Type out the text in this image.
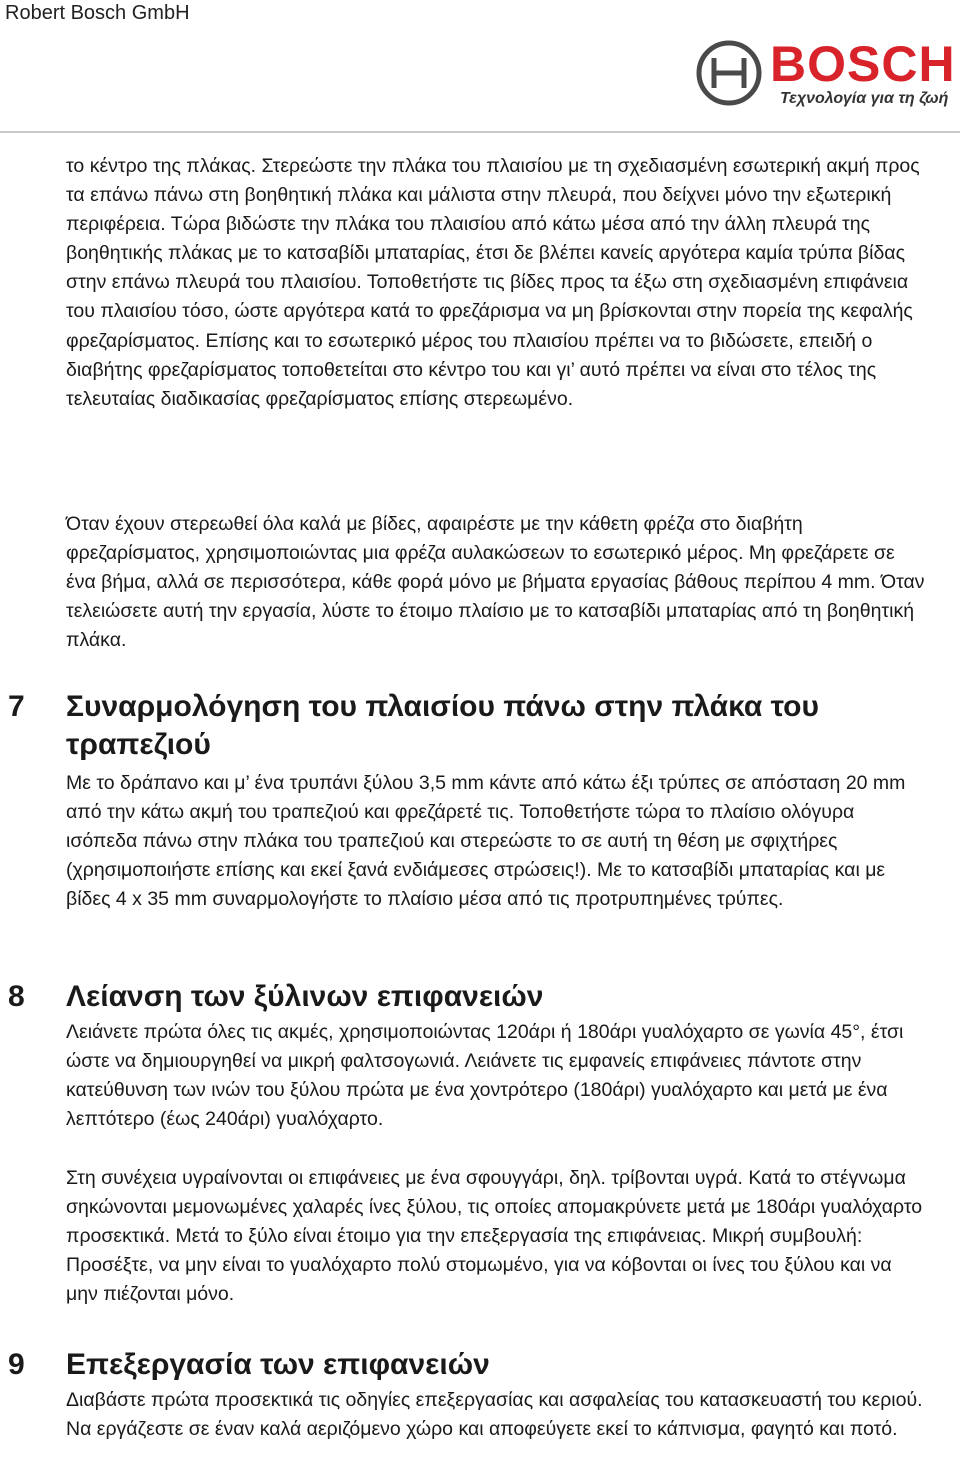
Robert Bosch GmbH
BOSCH
Τεχνολογία για τη ζωή

το κέντρο της πλάκας. Στερεώστε την πλάκα του πλαισίου με τη σχεδιασμένη εσωτερική ακμή προς τα επάνω πάνω στη βοηθητική πλάκα και μάλιστα στην πλευρά, που δείχνει μόνο την εξωτερική περιφέρεια. Τώρα βιδώστε την πλάκα του πλαισίου από κάτω μέσα από την άλλη πλευρά της βοηθητικής πλάκας με το κατσαβίδι μπαταρίας, έτσι δε βλέπει κανείς αργότερα καμία τρύπα βίδας στην επάνω πλευρά του πλαισίου. Τοποθετήστε τις βίδες προς τα έξω στη σχεδιασμένη επιφάνεια του πλαισίου τόσο, ώστε αργότερα κατά το φρεζάρισμα να μη βρίσκονται στην πορεία της κεφαλής φρεζαρίσματος. Επίσης και το εσωτερικό μέρος του πλαισίου πρέπει να το βιδώσετε, επειδή ο διαβήτης φρεζαρίσματος τοποθετείται στο κέντρο του και γι’ αυτό πρέπει να είναι στο τέλος της τελευταίας διαδικασίας φρεζαρίσματος επίσης στερεωμένο.

Όταν έχουν στερεωθεί όλα καλά με βίδες, αφαιρέστε με την κάθετη φρέζα στο διαβήτη φρεζαρίσματος, χρησιμοποιώντας μια φρέζα αυλακώσεων το εσωτερικό μέρος. Μη φρεζάρετε σε ένα βήμα, αλλά σε περισσότερα, κάθε φορά μόνο με βήματα εργασίας βάθους περίπου 4 mm. Όταν τελειώσετε αυτή την εργασία, λύστε το έτοιμο πλαίσιο με το κατσαβίδι μπαταρίας από τη βοηθητική πλάκα.

7 Συναρμολόγηση του πλαισίου πάνω στην πλάκα του τραπεζιού

Με το δράπανο και μ’ ένα τρυπάνι ξύλου 3,5 mm κάντε από κάτω έξι τρύπες σε απόσταση 20 mm από την κάτω ακμή του τραπεζιού και φρεζάρετέ τις. Τοποθετήστε τώρα το πλαίσιο ολόγυρα ισόπεδα πάνω στην πλάκα του τραπεζιού και στερεώστε το σε αυτή τη θέση με σφιχτήρες (χρησιμοποιήστε επίσης και εκεί ξανά ενδιάμεσες στρώσεις!). Με το κατσαβίδι μπαταρίας και με βίδες 4 x 35 mm συναρμολογήστε το πλαίσιο μέσα από τις προτρυπημένες τρύπες.

8 Λείανση των ξύλινων επιφανειών

Λειάνετε πρώτα όλες τις ακμές, χρησιμοποιώντας 120άρι ή 180άρι γυαλόχαρτο σε γωνία 45°, έτσι ώστε να δημιουργηθεί να μικρή φαλτσογωνιά. Λειάνετε τις εμφανείς επιφάνειες πάντοτε στην κατεύθυνση των ινών του ξύλου πρώτα με ένα χοντρότερο (180άρι) γυαλόχαρτο και μετά με ένα λεπτότερο (έως 240άρι) γυαλόχαρτο.

Στη συνέχεια υγραίνονται οι επιφάνειες με ένα σφουγγάρι, δηλ. τρίβονται υγρά. Κατά το στέγνωμα σηκώνονται μεμονωμένες χαλαρές ίνες ξύλου, τις οποίες απομακρύνετε μετά με 180άρι γυαλόχαρτο προσεκτικά. Μετά το ξύλο είναι έτοιμο για την επεξεργασία της επιφάνειας. Μικρή συμβουλή: Προσέξτε, να μην είναι το γυαλόχαρτο πολύ στομωμένο, για να κόβονται οι ίνες του ξύλου και να μην πιέζονται μόνο.

9 Επεξεργασία των επιφανειών

Διαβάστε πρώτα προσεκτικά τις οδηγίες επεξεργασίας και ασφαλείας του κατασκευαστή του κεριού. Να εργάζεστε σε έναν καλά αεριζόμενο χώρο και αποφεύγετε εκεί το κάπνισμα, φαγητό και ποτό.
